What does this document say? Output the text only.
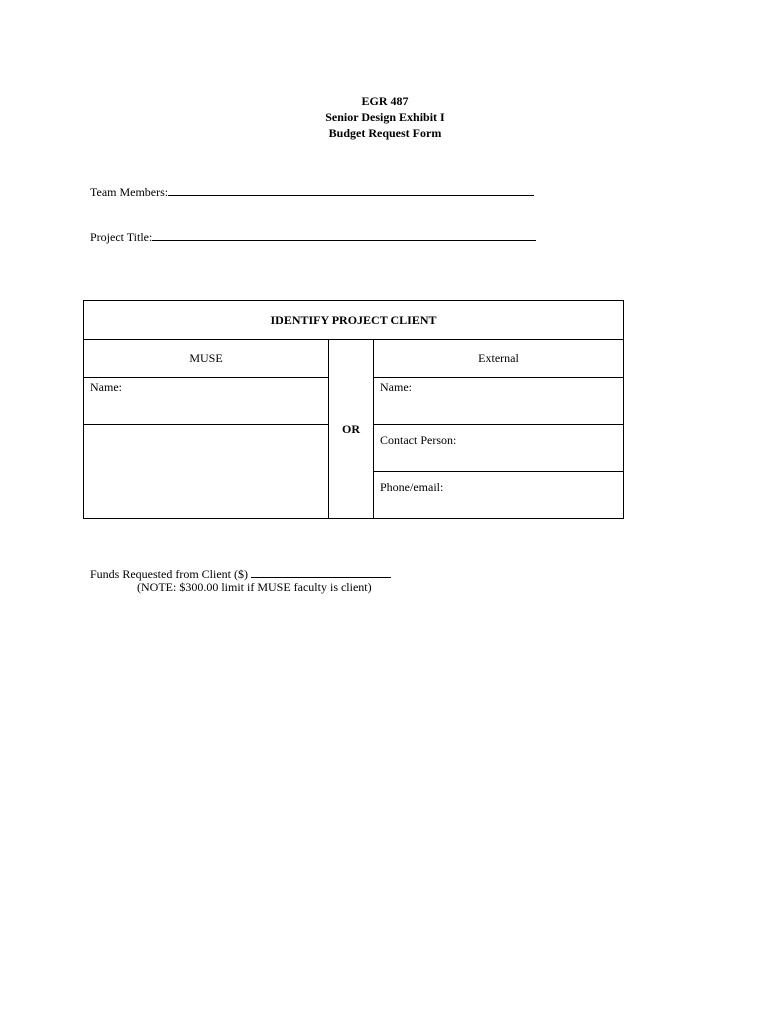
EGR 487
Senior Design Exhibit I
Budget Request Form
Team Members:
Project Title:
IDENTIFY PROJECT CLIENT		
MUSE	OR	External

Name:		Name:

		Contact Person:

		Phone/email:
Funds Requested from Client ($)
(NOTE: $300.00 limit if MUSE faculty is client)
